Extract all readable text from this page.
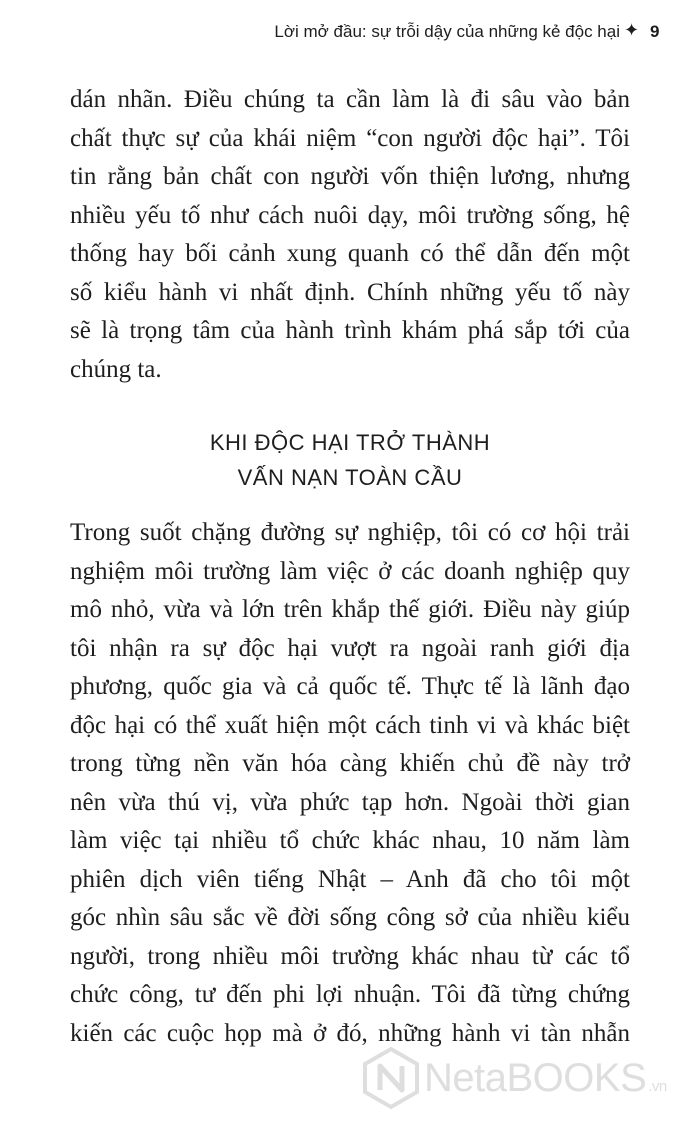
Lời mở đầu: sự trỗi dậy của những kẻ độc hại ✦ 9

dán nhãn. Điều chúng ta cần làm là đi sâu vào bản
chất thực sự của khái niệm “con người độc hại”. Tôi
tin rằng bản chất con người vốn thiện lương, nhưng
nhiều yếu tố như cách nuôi dạy, môi trường sống, hệ
thống hay bối cảnh xung quanh có thể dẫn đến một
số kiểu hành vi nhất định. Chính những yếu tố này
sẽ là trọng tâm của hành trình khám phá sắp tới của
chúng ta.

KHI ĐỘC HẠI TRỞ THÀNH
VẤN NẠN TOÀN CẦU

Trong suốt chặng đường sự nghiệp, tôi có cơ hội trải
nghiệm môi trường làm việc ở các doanh nghiệp quy
mô nhỏ, vừa và lớn trên khắp thế giới. Điều này giúp
tôi nhận ra sự độc hại vượt ra ngoài ranh giới địa
phương, quốc gia và cả quốc tế. Thực tế là lãnh đạo
độc hại có thể xuất hiện một cách tinh vi và khác biệt
trong từng nền văn hóa càng khiến chủ đề này trở
nên vừa thú vị, vừa phức tạp hơn. Ngoài thời gian
làm việc tại nhiều tổ chức khác nhau, 10 năm làm
phiên dịch viên tiếng Nhật – Anh đã cho tôi một
góc nhìn sâu sắc về đời sống công sở của nhiều kiểu
người, trong nhiều môi trường khác nhau từ các tổ
chức công, tư đến phi lợi nhuận. Tôi đã từng chứng
kiến các cuộc họp mà ở đó, những hành vi tàn nhẫn

NetaBOOKS .vn
